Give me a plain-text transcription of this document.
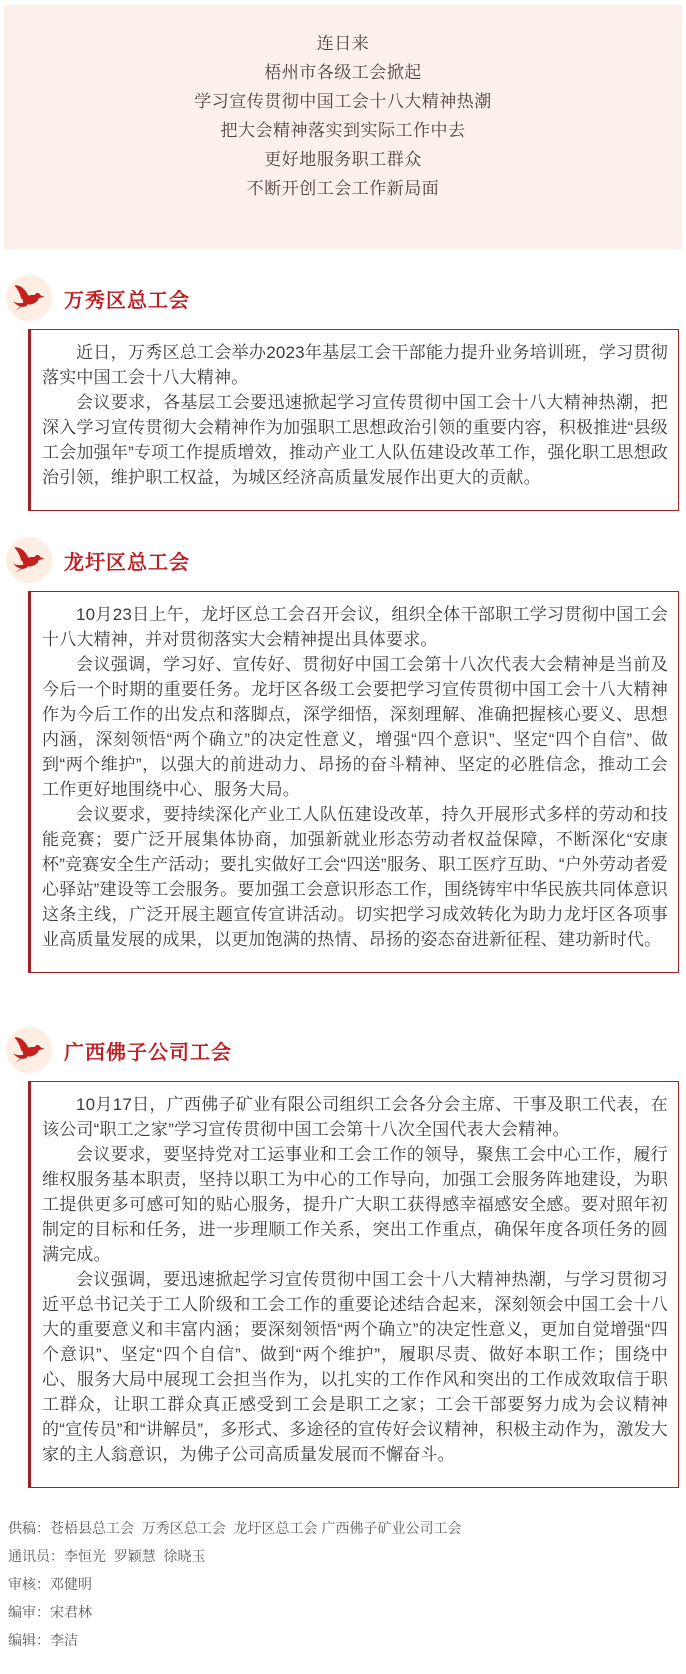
连日来
梧州市各级工会掀起
学习宣传贯彻中国工会十八大精神热潮
把大会精神落实到实际工作中去
更好地服务职工群众
不断开创工会工作新局面
万秀区总工会

近日，万秀区总工会举办2023年基层工会干部能力提升业务培训班，学习贯彻落实中国工会十八大精神。

会议要求，各基层工会要迅速掀起学习宣传贯彻中国工会十八大精神热潮，把深入学习宣传贯彻大会精神作为加强职工思想政治引领的重要内容，积极推进“县级工会加强年”专项工作提质增效，推动产业工人队伍建设改革工作，强化职工思想政治引领，维护职工权益，为城区经济高质量发展作出更大的贡献。

龙圩区总工会

10月23日上午，龙圩区总工会召开会议，组织全体干部职工学习贯彻中国工会十八大精神，并对贯彻落实大会精神提出具体要求。

会议强调，学习好、宣传好、贯彻好中国工会第十八次代表大会精神是当前及今后一个时期的重要任务。龙圩区各级工会要把学习宣传贯彻中国工会十八大精神作为今后工作的出发点和落脚点，深学细悟，深刻理解、准确把握核心要义、思想内涵，深刻领悟“两个确立”的决定性意义，增强“四个意识”、坚定“四个自信”、做到“两个维护”，以强大的前进动力、昂扬的奋斗精神、坚定的必胜信念，推动工会工作更好地围绕中心、服务大局。

会议要求，要持续深化产业工人队伍建设改革，持久开展形式多样的劳动和技能竞赛；要广泛开展集体协商，加强新就业形态劳动者权益保障，不断深化“安康杯”竞赛安全生产活动；要扎实做好工会“四送”服务、职工医疗互助、“户外劳动者爱心驿站”建设等工会服务。要加强工会意识形态工作，围绕铸牢中华民族共同体意识这条主线，广泛开展主题宣传宣讲活动。切实把学习成效转化为助力龙圩区各项事业高质量发展的成果，以更加饱满的热情、昂扬的姿态奋进新征程、建功新时代。

广西佛子公司工会

10月17日，广西佛子矿业有限公司组织工会各分会主席、干事及职工代表，在该公司“职工之家”学习宣传贯彻中国工会第十八次全国代表大会精神。

会议要求，要坚持党对工运事业和工会工作的领导，聚焦工会中心工作，履行维权服务基本职责，坚持以职工为中心的工作导向，加强工会服务阵地建设，为职工提供更多可感可知的贴心服务，提升广大职工获得感幸福感安全感。要对照年初制定的目标和任务，进一步理顺工作关系，突出工作重点，确保年度各项任务的圆满完成。

会议强调，要迅速掀起学习宣传贯彻中国工会十八大精神热潮，与学习贯彻习近平总书记关于工人阶级和工会工作的重要论述结合起来，深刻领会中国工会十八大的重要意义和丰富内涵；要深刻领悟“两个确立”的决定性意义，更加自觉增强“四个意识”、坚定“四个自信”、做到“两个维护”，履职尽责、做好本职工作；围绕中心、服务大局中展现工会担当作为，以扎实的工作作风和突出的工作成效取信于职工群众，让职工群众真正感受到工会是职工之家；工会干部要努力成为会议精神的“宣传员”和“讲解员”，多形式、多途径的宣传好会议精神，积极主动作为，激发大家的主人翁意识，为佛子公司高质量发展而不懈奋斗。

供稿：苍梧县总工会  万秀区总工会  龙圩区总工会 广西佛子矿业公司工会
通讯员：李恒光  罗颖慧  徐晓玉
审核：邓健明
编审：宋君林
编辑：李洁
